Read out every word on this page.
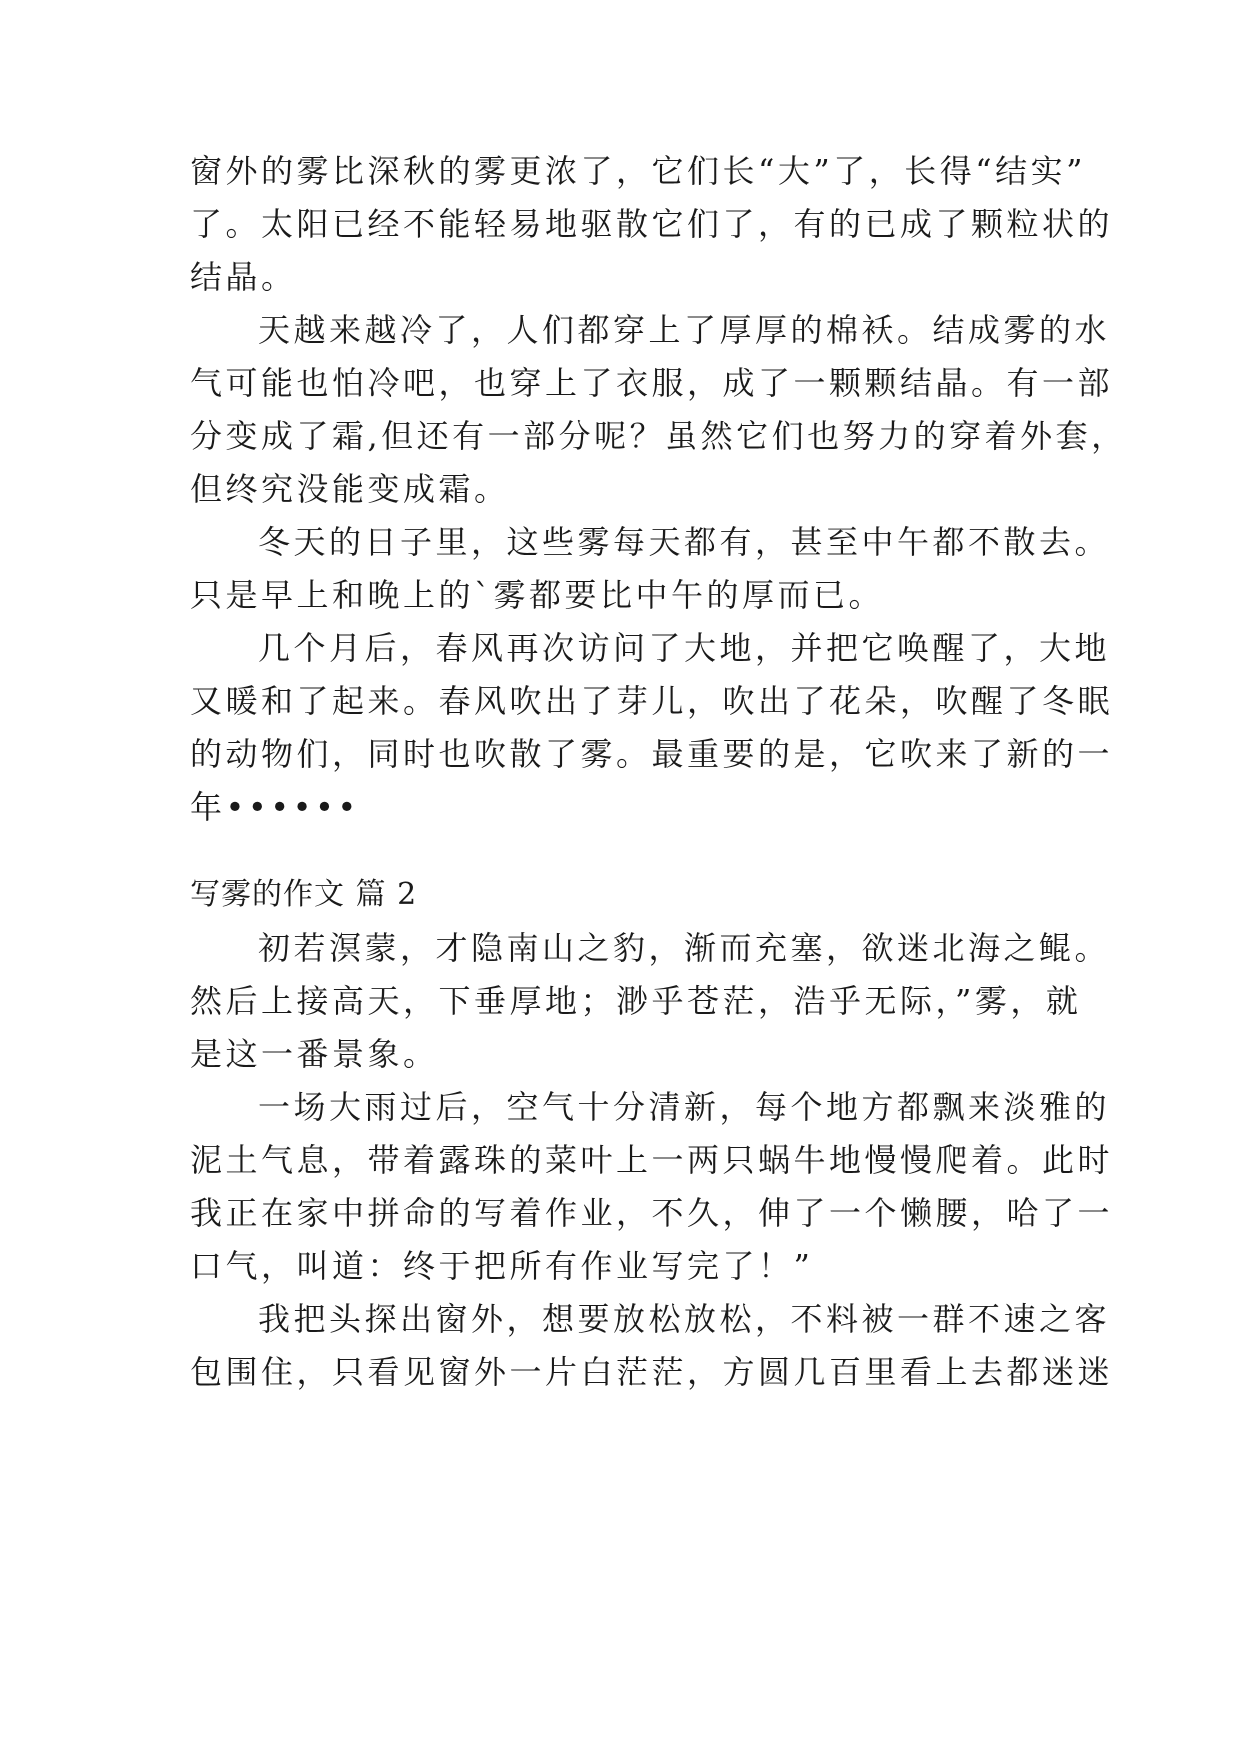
窗外的雾比深秋的雾更浓了，它们长“大”了，长得“结实”
了。太阳已经不能轻易地驱散它们了，有的已成了颗粒状的
结晶。
天越来越冷了，人们都穿上了厚厚的棉袄。结成雾的水
气可能也怕冷吧，也穿上了衣服，成了一颗颗结晶。有一部
分变成了霜,但还有一部分呢？虽然它们也努力的穿着外套，
但终究没能变成霜。
冬天的日子里，这些雾每天都有，甚至中午都不散去。
只是早上和晚上的`雾都要比中午的厚而已。
几个月后，春风再次访问了大地，并把它唤醒了，大地
又暖和了起来。春风吹出了芽儿，吹出了花朵，吹醒了冬眠
的动物们，同时也吹散了雾。最重要的是，它吹来了新的一
年••••••
写雾的作文 篇 2
初若溟蒙，才隐南山之豹，渐而充塞，欲迷北海之鲲。
然后上接高天，下垂厚地；渺乎苍茫，浩乎无际，”雾，就
是这一番景象。
一场大雨过后，空气十分清新，每个地方都飘来淡雅的
泥土气息，带着露珠的菜叶上一两只蜗牛地慢慢爬着。此时
我正在家中拼命的写着作业，不久，伸了一个懒腰，哈了一
口气，叫道：终于把所有作业写完了！”
我把头探出窗外，想要放松放松，不料被一群不速之客
包围住，只看见窗外一片白茫茫，方圆几百里看上去都迷迷
